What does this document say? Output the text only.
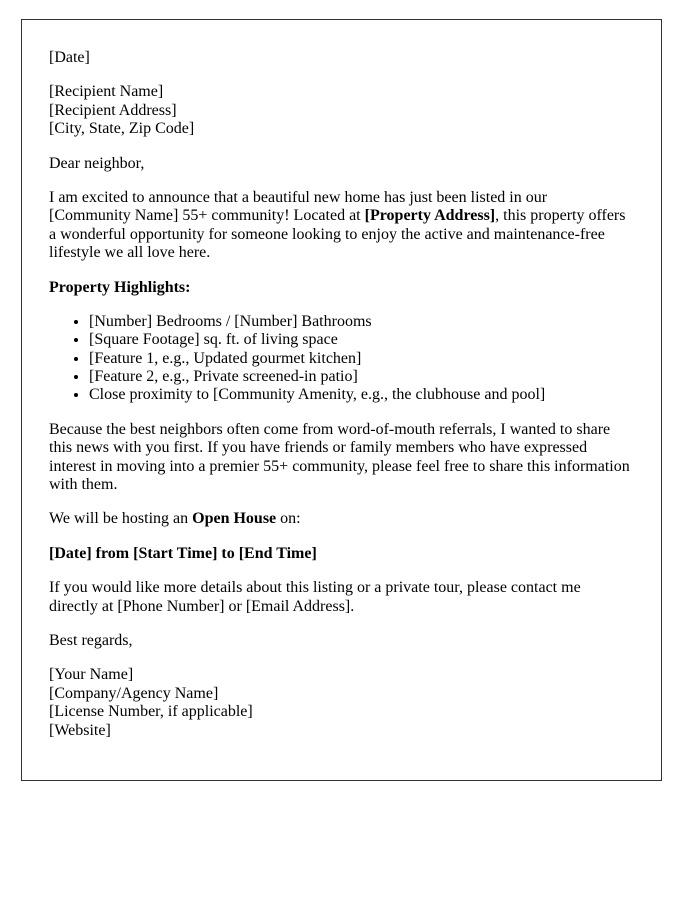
[Date]

[Recipient Name]
[Recipient Address]
[City, State, Zip Code]

Dear neighbor,

I am excited to announce that a beautiful new home has just been listed in our [Community Name] 55+ community! Located at [Property Address], this property offers a wonderful opportunity for someone looking to enjoy the active and maintenance-free lifestyle we all love here.

Property Highlights:

• [Number] Bedrooms / [Number] Bathrooms
• [Square Footage] sq. ft. of living space
• [Feature 1, e.g., Updated gourmet kitchen]
• [Feature 2, e.g., Private screened-in patio]
• Close proximity to [Community Amenity, e.g., the clubhouse and pool]

Because the best neighbors often come from word-of-mouth referrals, I wanted to share this news with you first. If you have friends or family members who have expressed interest in moving into a premier 55+ community, please feel free to share this information with them.

We will be hosting an Open House on:

[Date] from [Start Time] to [End Time]

If you would like more details about this listing or a private tour, please contact me directly at [Phone Number] or [Email Address].

Best regards,

[Your Name]
[Company/Agency Name]
[License Number, if applicable]
[Website]
